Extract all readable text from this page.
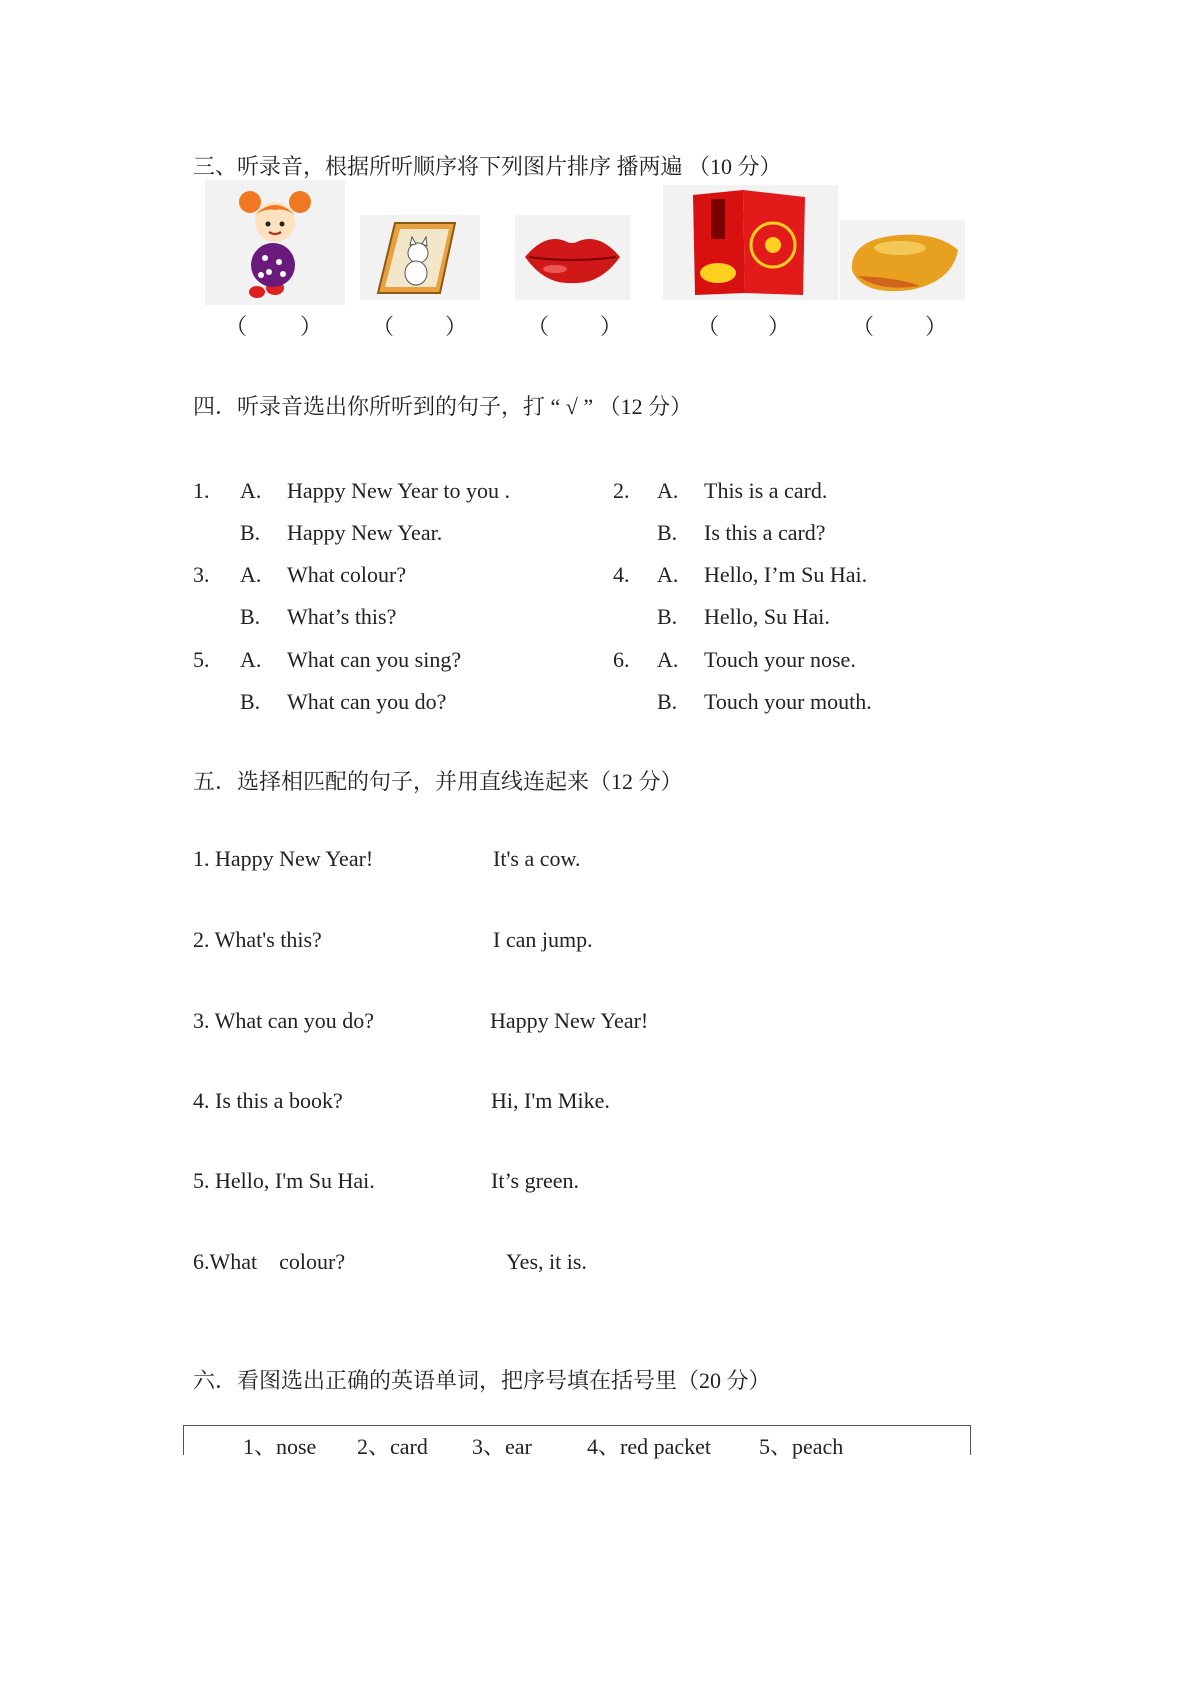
三、听录音，根据所听顺序将下列图片排序 播两遍 （10 分）
（ ） （ ）	（ ）	（ ）	（ ）
四．听录音选出你所听到的句子，打 “ √ ” （12 分）
1. A. Happy New Year to you .
B. Happy New Year.
2. A. This is a card.
B. Is this a card?
3. A. What colour?
B. What’s this?
4. A. Hello, I’m Su Hai.
B. Hello, Su Hai.
5. A. What can you sing?
B. What can you do?
6. A. Touch your nose.
B. Touch your mouth.
五．选择相匹配的句子，并用直线连起来（12 分）
1. Happy New Year!	It's a cow.
2. What's this?	I can jump.
3. What can you do?	Happy New Year!
4. Is this a book?	Hi, I'm Mike.
5. Hello, I'm Su Hai.	It’s green.
6.What    colour?	Yes, it is.
六．看图选出正确的英语单词，把序号填在括号里（20 分）
1、nose 2、card 3、ear	4、red packet 5、peach
